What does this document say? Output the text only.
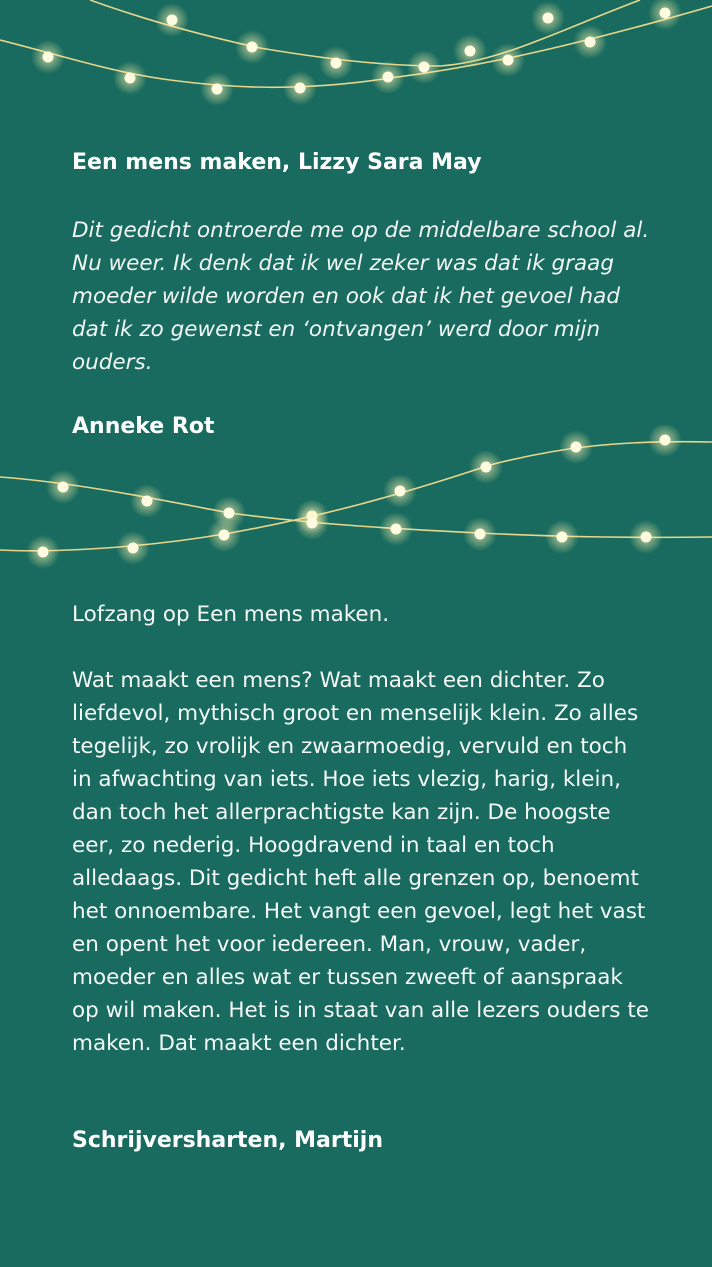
Een mens maken, Lizzy Sara May

Dit gedicht ontroerde me op de middelbare school al. Nu weer. Ik denk dat ik wel zeker was dat ik graag moeder wilde worden en ook dat ik het gevoel had dat ik zo gewenst en ‘ontvangen’ werd door mijn ouders.

Anneke Rot

Lofzang op Een mens maken.

Wat maakt een mens? Wat maakt een dichter. Zo liefdevol, mythisch groot en menselijk klein. Zo alles tegelijk, zo vrolijk en zwaarmoedig, vervuld en toch in afwachting van iets. Hoe iets vlezig, harig, klein, dan toch het allerprachtigste kan zijn. De hoogste eer, zo nederig. Hoogdravend in taal en toch alledaags. Dit gedicht heft alle grenzen op, benoemt het onnoembare. Het vangt een gevoel, legt het vast en opent het voor iedereen. Man, vrouw, vader, moeder en alles wat er tussen zweeft of aanspraak op wil maken. Het is in staat van alle lezers ouders te maken. Dat maakt een dichter.

Schrijversharten, Martijn
